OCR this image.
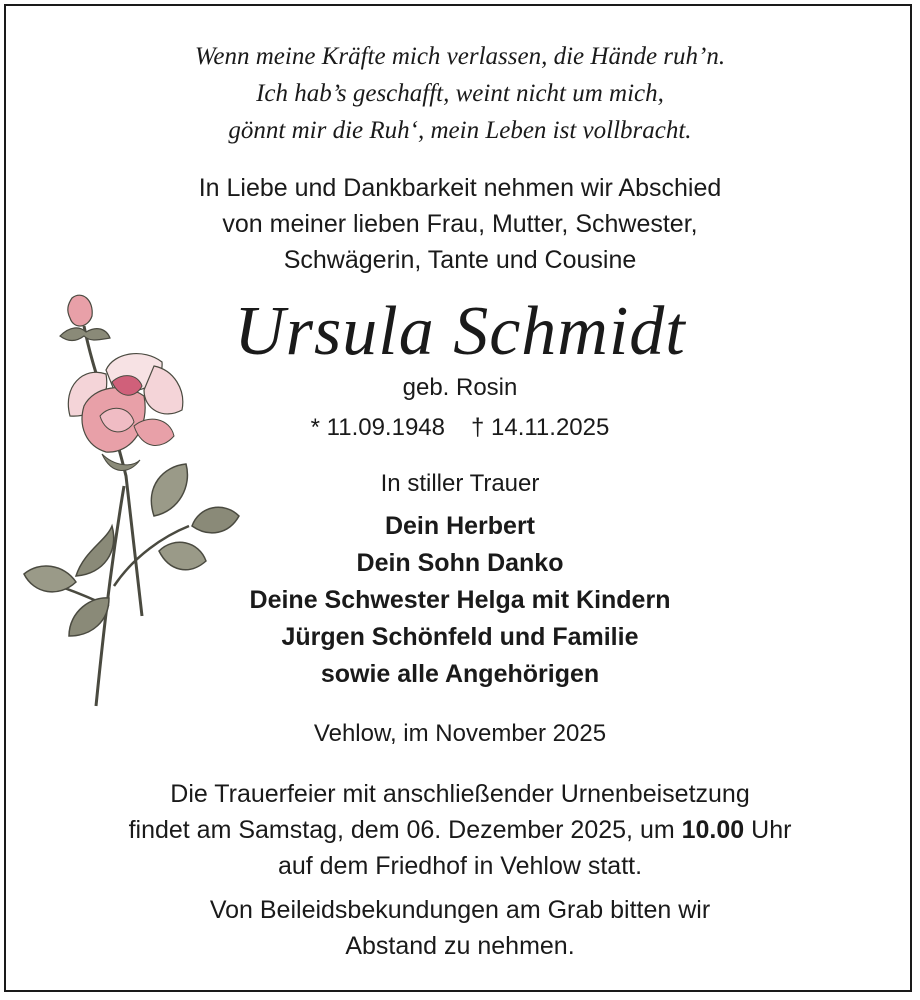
Wenn meine Kräfte mich verlassen, die Hände ruh’n.
Ich hab’s geschafft, weint nicht um mich,
gönnt mir die Ruh‘, mein Leben ist vollbracht.
In Liebe und Dankbarkeit nehmen wir Abschied
von meiner lieben Frau, Mutter, Schwester,
Schwägerin, Tante und Cousine
Ursula Schmidt
geb. Rosin
* 11.09.1948 † 14.11.2025
In stiller Trauer
Dein Herbert
Dein Sohn Danko
Deine Schwester Helga mit Kindern
Jürgen Schönfeld und Familie
sowie alle Angehörigen
Vehlow, im November 2025
Die Trauerfeier mit anschließender Urnenbeisetzung
findet am Samstag, dem 06. Dezember 2025, um 10.00 Uhr
auf dem Friedhof in Vehlow statt.
Von Beileidsbekundungen am Grab bitten wir
Abstand zu nehmen.
